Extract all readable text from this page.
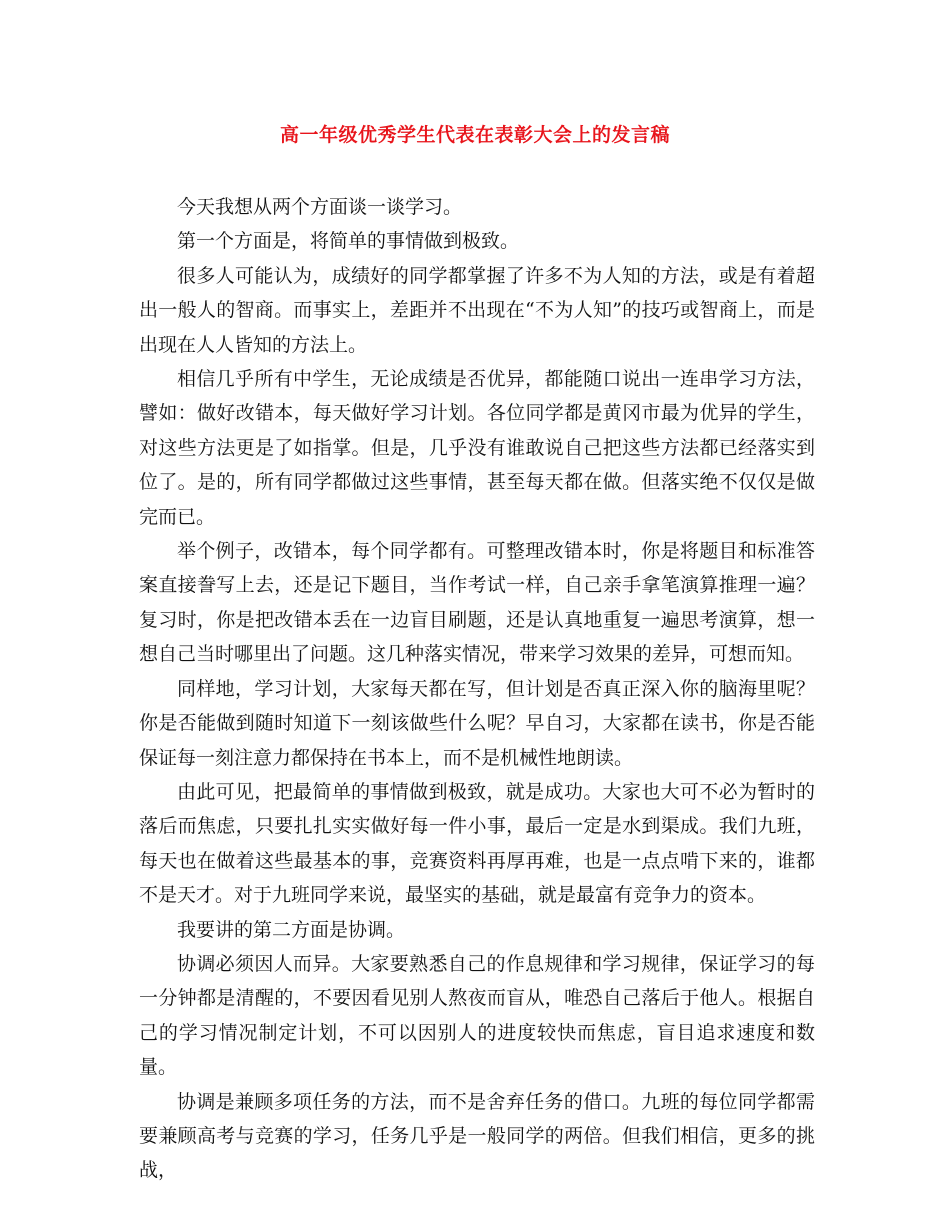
高一年级优秀学生代表在表彰大会上的发言稿

今天我想从两个方面谈一谈学习。

第一个方面是，将简单的事情做到极致。

很多人可能认为，成绩好的同学都掌握了许多不为人知的方法，或是有着超出一般人的智商。而事实上，差距并不出现在“不为人知”的技巧或智商上，而是出现在人人皆知的方法上。

相信几乎所有中学生，无论成绩是否优异，都能随口说出一连串学习方法，譬如：做好改错本，每天做好学习计划。各位同学都是黄冈市最为优异的学生，对这些方法更是了如指掌。但是，几乎没有谁敢说自己把这些方法都已经落实到位了。是的，所有同学都做过这些事情，甚至每天都在做。但落实绝不仅仅是做完而已。

举个例子，改错本，每个同学都有。可整理改错本时，你是将题目和标准答案直接誊写上去，还是记下题目，当作考试一样，自己亲手拿笔演算推理一遍？复习时，你是把改错本丢在一边盲目刷题，还是认真地重复一遍思考演算，想一想自己当时哪里出了问题。这几种落实情况，带来学习效果的差异，可想而知。

同样地，学习计划，大家每天都在写，但计划是否真正深入你的脑海里呢？你是否能做到随时知道下一刻该做些什么呢？早自习，大家都在读书，你是否能保证每一刻注意力都保持在书本上，而不是机械性地朗读。

由此可见，把最简单的事情做到极致，就是成功。大家也大可不必为暂时的落后而焦虑，只要扎扎实实做好每一件小事，最后一定是水到渠成。我们九班，每天也在做着这些最基本的事，竞赛资料再厚再难，也是一点点啃下来的，谁都不是天才。对于九班同学来说，最坚实的基础，就是最富有竞争力的资本。

我要讲的第二方面是协调。

协调必须因人而异。大家要熟悉自己的作息规律和学习规律，保证学习的每一分钟都是清醒的，不要因看见别人熬夜而盲从，唯恐自己落后于他人。根据自己的学习情况制定计划，不可以因别人的进度较快而焦虑，盲目追求速度和数量。

协调是兼顾多项任务的方法，而不是舍弃任务的借口。九班的每位同学都需要兼顾高考与竞赛的学习，任务几乎是一般同学的两倍。但我们相信，更多的挑战，
